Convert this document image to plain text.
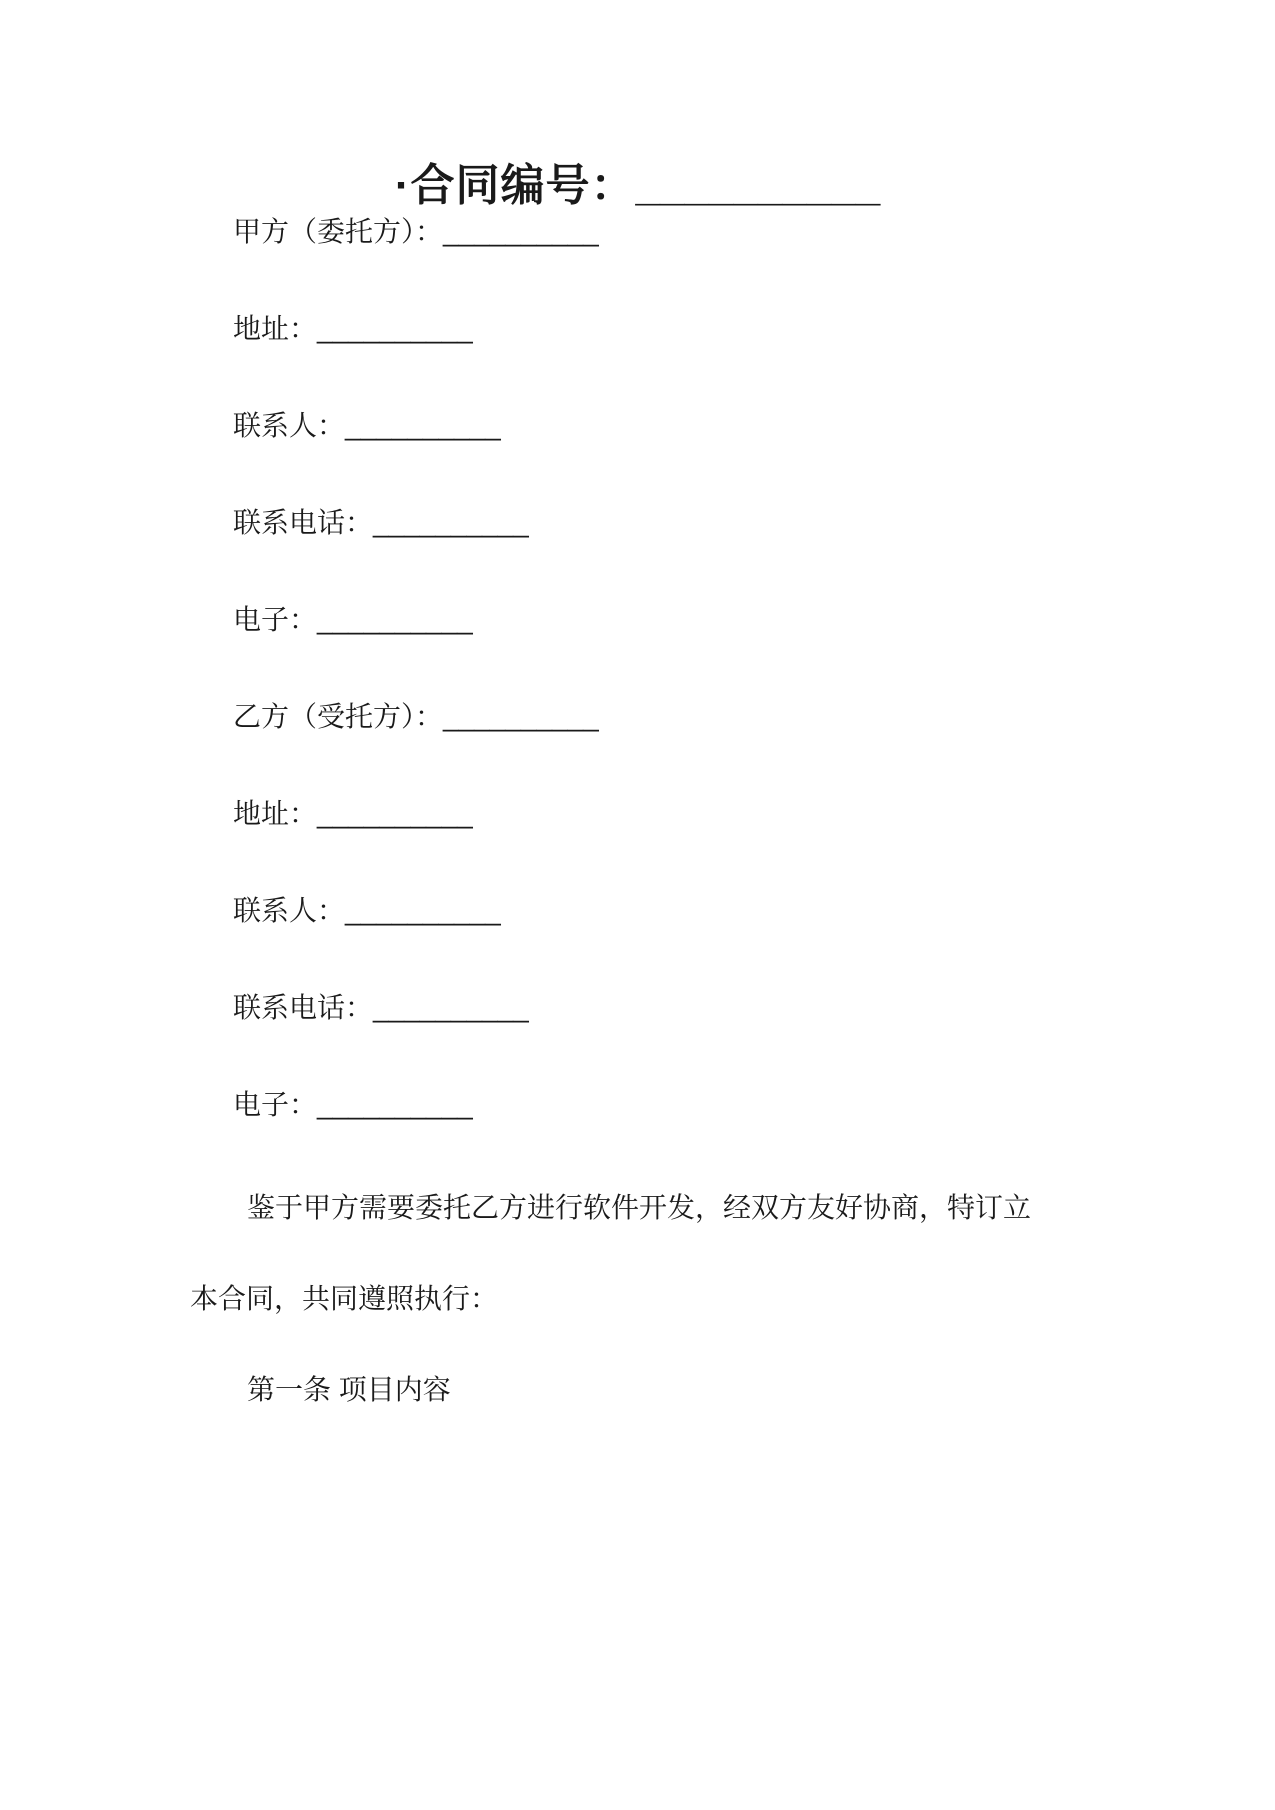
·合同编号：__________
甲方（委托方）：__________
地址：__________
联系人：__________
联系电话：__________
电子：__________
乙方（受托方）：__________
地址：__________
联系人：__________
联系电话：__________
电子：__________

鉴于甲方需要委托乙方进行软件开发，经双方友好协商，特订立

本合同，共同遵照执行：

第一条 项目内容
